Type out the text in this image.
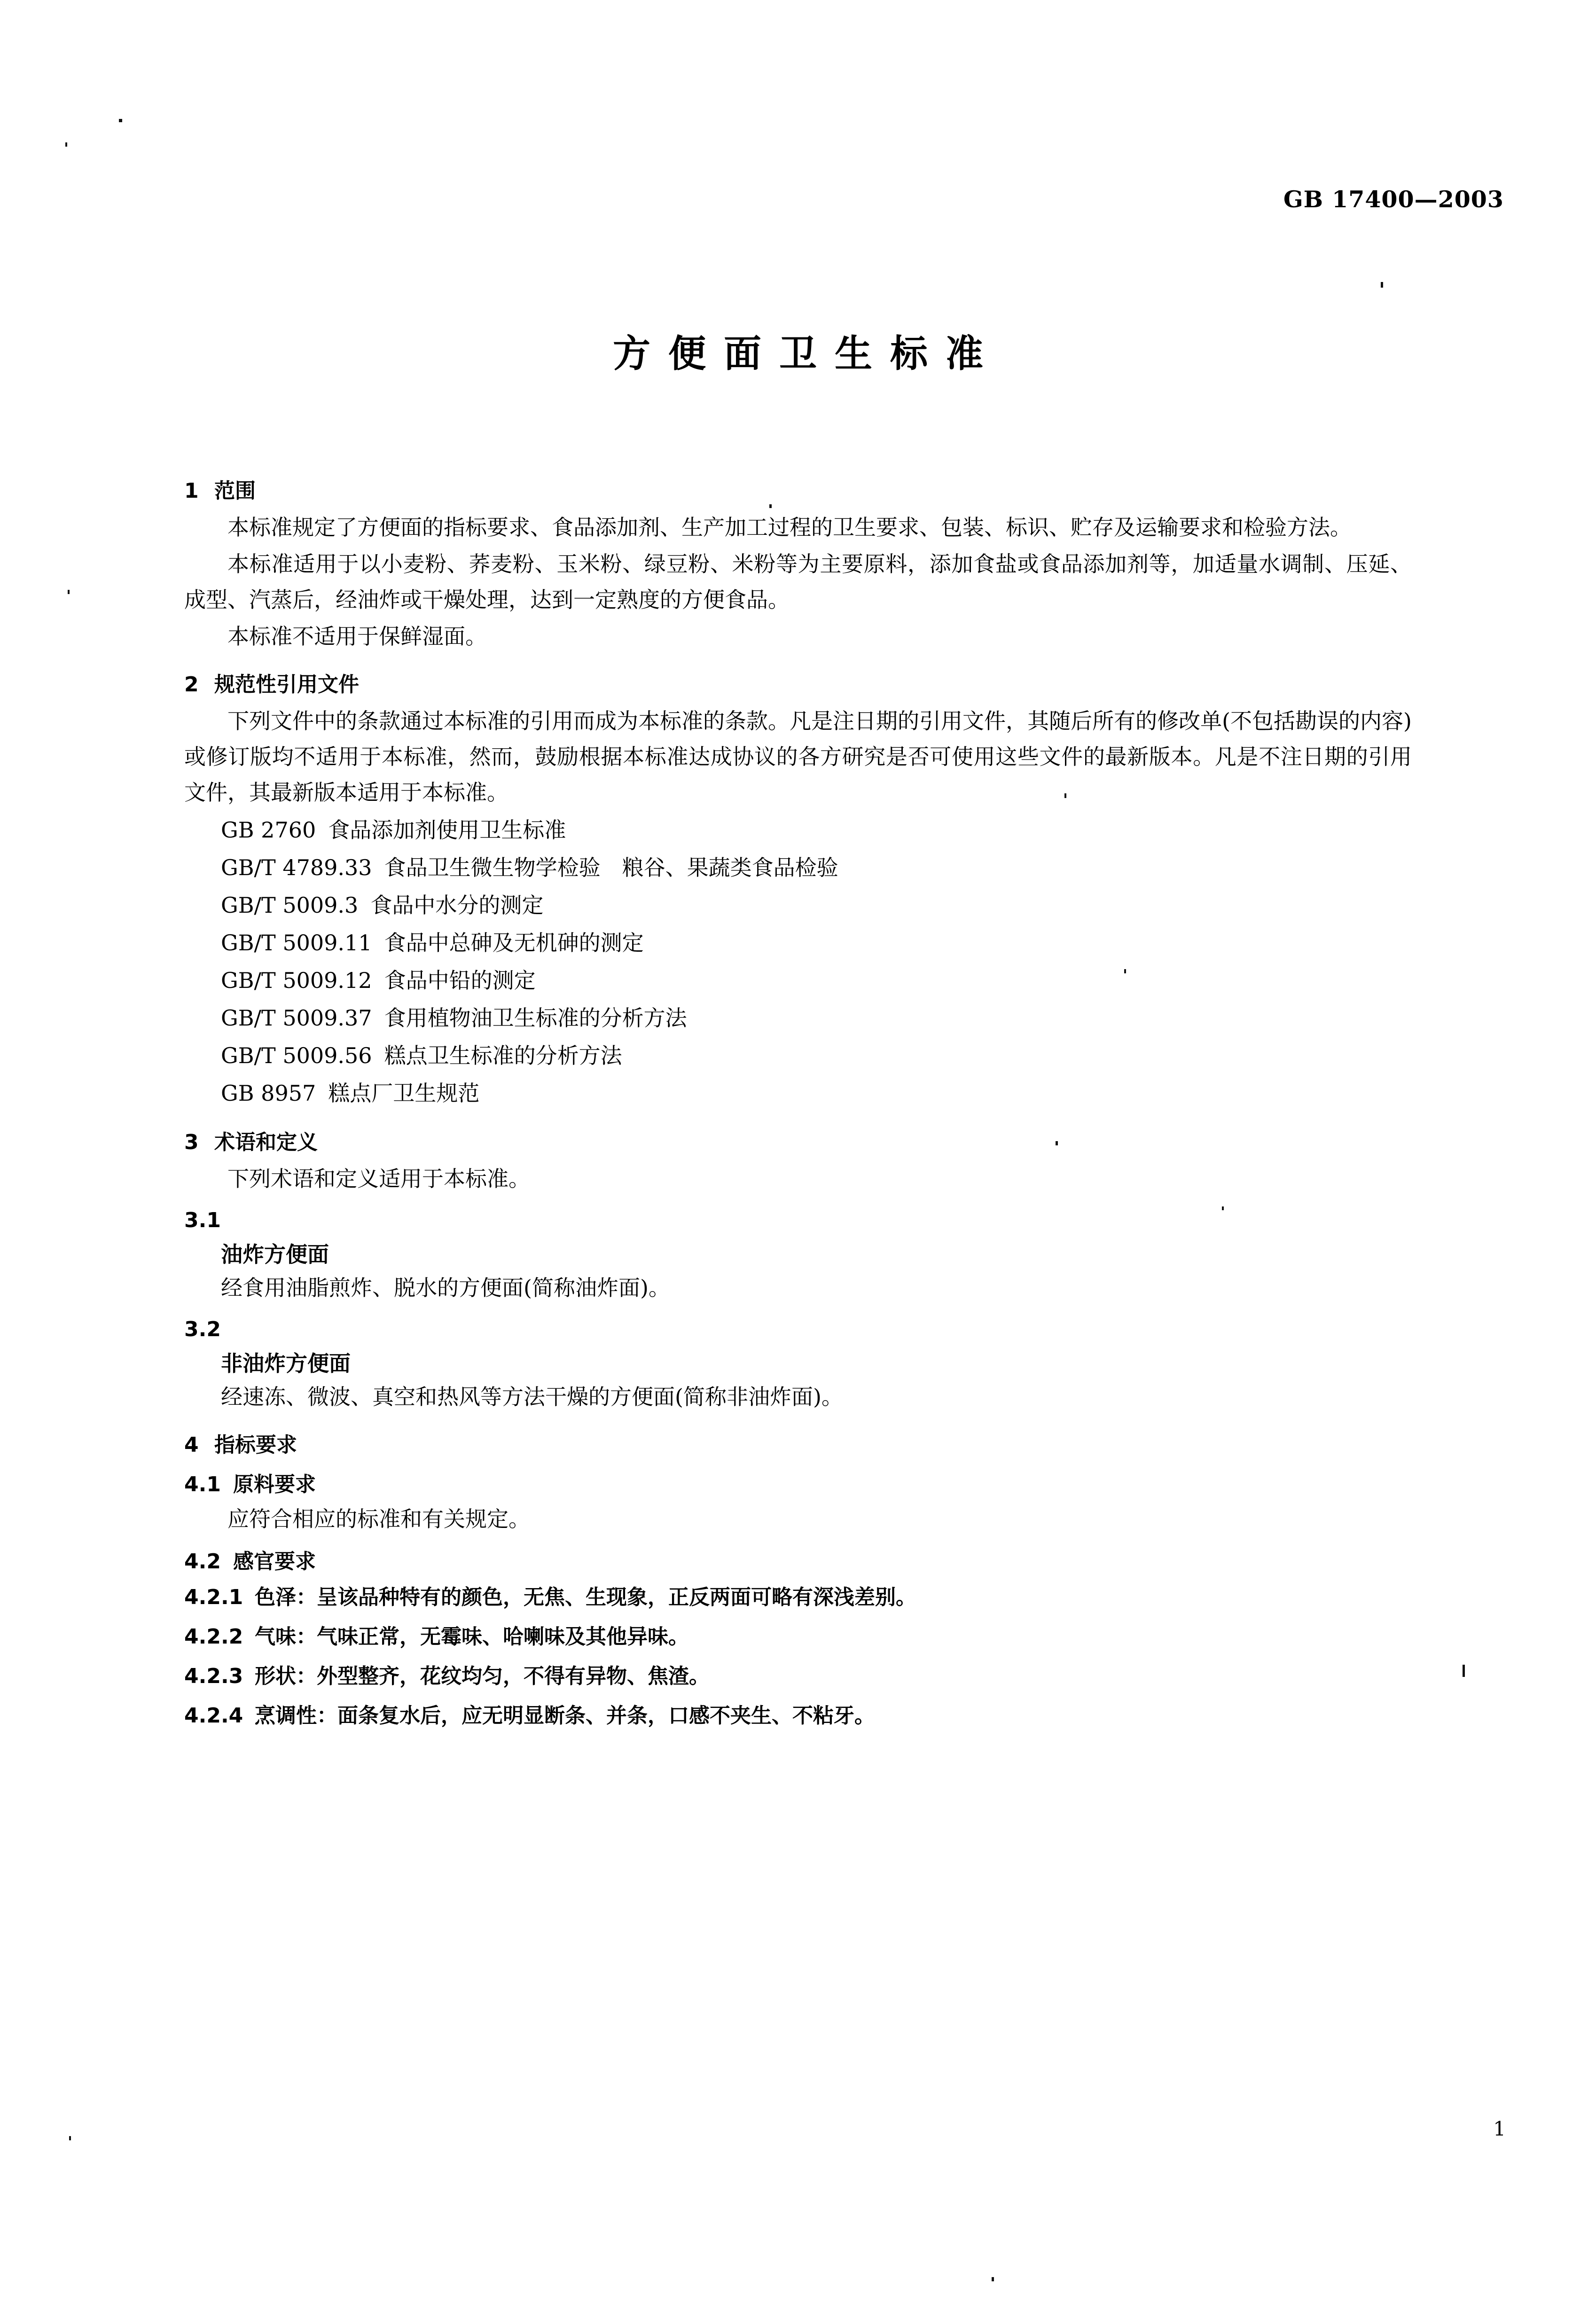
GB 17400—2003
方便面卫生标准
1 范围

本标准规定了方便面的指标要求、食品添加剂、生产加工过程的卫生要求、包装、标识、贮存及运输要求和检验方法。

本标准适用于以小麦粉、荞麦粉、玉米粉、绿豆粉、米粉等为主要原料，添加食盐或食品添加剂等，加适量水调制、压延、成型、汽蒸后，经油炸或干燥处理，达到一定熟度的方便食品。

本标准不适用于保鲜湿面。

2 规范性引用文件

下列文件中的条款通过本标准的引用而成为本标准的条款。凡是注日期的引用文件，其随后所有的修改单(不包括勘误的内容)或修订版均不适用于本标准，然而，鼓励根据本标准达成协议的各方研究是否可使用这些文件的最新版本。凡是不注日期的引用文件，其最新版本适用于本标准。

GB 2760 食品添加剂使用卫生标准
GB/T 4789.33 食品卫生微生物学检验　粮谷、果蔬类食品检验
GB/T 5009.3 食品中水分的测定
GB/T 5009.11 食品中总砷及无机砷的测定
GB/T 5009.12 食品中铅的测定
GB/T 5009.37 食用植物油卫生标准的分析方法
GB/T 5009.56 糕点卫生标准的分析方法
GB 8957 糕点厂卫生规范
3 术语和定义

下列术语和定义适用于本标准。

3.1
油炸方便面

经食用油脂煎炸、脱水的方便面(简称油炸面)。

3.2
非油炸方便面

经速冻、微波、真空和热风等方法干燥的方便面(简称非油炸面)。

4 指标要求
4.1 原料要求

应符合相应的标准和有关规定。

4.2 感官要求
4.2.1 色泽：呈该品种特有的颜色，无焦、生现象，正反两面可略有深浅差别。
4.2.2 气味：气味正常，无霉味、哈喇味及其他异味。
4.2.3 形状：外型整齐，花纹均匀，不得有异物、焦渣。
4.2.4 烹调性：面条复水后，应无明显断条、并条，口感不夹生、不粘牙。
1
